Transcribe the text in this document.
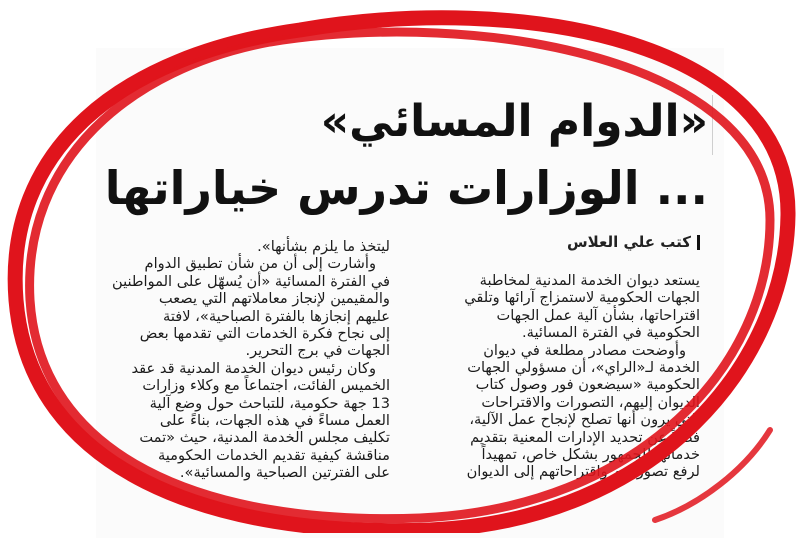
«الدوام المسائي»
... الوزارات تدرس خياراتها
كتب علي العلاس

يستعد ديوان الخدمة المدنية لمخاطبة

الجهات الحكومية لاستمزاج آرائها وتلقي

اقتراحاتها، بشأن آلية عمل الجهات

الحكومية في الفترة المسائية.

وأوضحت مصادر مطلعة في ديوان

الخدمة لـ«الراي»، أن مسؤولي الجهات

الحكومية «سيضعون فور وصول كتاب

الديوان إليهم، التصورات والاقتراحات

التي يرون أنها تصلح لإنجاح عمل الآلية،

فضلاً عن تحديد الإدارات المعنية بتقديم

خدماتها للجمهور بشكل خاص، تمهيداً

لرفع تصوراتهم واقتراحاتهم إلى الديوان

ليتخذ ما يلزم بشأنها».

وأشارت إلى أن من شأن تطبيق الدوام

في الفترة المسائية «أن يُسهّل على المواطنين

والمقيمين لإنجاز معاملاتهم التي يصعب

عليهم إنجازها بالفترة الصباحية»، لافتة

إلى نجاح فكرة الخدمات التي تقدمها بعض

الجهات في برج التحرير.

وكان رئيس ديوان الخدمة المدنية قد عقد

الخميس الفائت، اجتماعاً مع وكلاء وزارات

13 جهة حكومية، للتباحث حول وضع آلية

العمل مساءً في هذه الجهات، بناءً على

تكليف مجلس الخدمة المدنية، حيث «تمت

مناقشة كيفية تقديم الخدمات الحكومية

على الفترتين الصباحية والمسائية».
